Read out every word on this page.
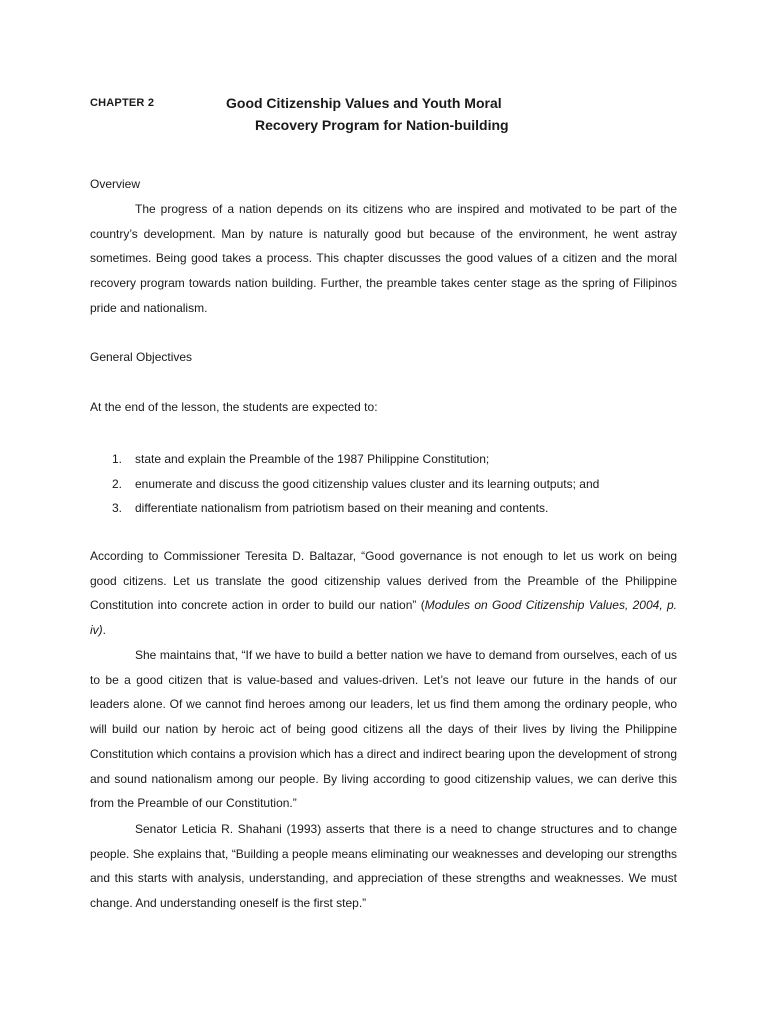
CHAPTER 2	Good Citizenship Values and Youth Moral
Recovery Program for Nation-building
Overview

The progress of a nation depends on its citizens who are inspired and motivated to be part of the country’s development. Man by nature is naturally good but because of the environment, he went astray sometimes. Being good takes a process. This chapter discusses the good values of a citizen and the moral recovery program towards nation building. Further, the preamble takes center stage as the spring of Filipinos pride and nationalism.

General Objectives
At the end of the lesson, the students are expected to:
1. state and explain the Preamble of the 1987 Philippine Constitution;
2. enumerate and discuss the good citizenship values cluster and its learning outputs; and
3. differentiate nationalism from patriotism based on their meaning and contents.

According to Commissioner Teresita D. Baltazar, “Good governance is not enough to let us work on being good citizens. Let us translate the good citizenship values derived from the Preamble of the Philippine Constitution into concrete action in order to build our nation” (Modules on Good Citizenship Values, 2004, p. iv).

She maintains that, “If we have to build a better nation we have to demand from ourselves, each of us to be a good citizen that is value-based and values-driven. Let’s not leave our future in the hands of our leaders alone. Of we cannot find heroes among our leaders, let us find them among the ordinary people, who will build our nation by heroic act of being good citizens all the days of their lives by living the Philippine Constitution which contains a provision which has a direct and indirect bearing upon the development of strong and sound nationalism among our people. By living according to good citizenship values, we can derive this from the Preamble of our Constitution.”

Senator Leticia R. Shahani (1993) asserts that there is a need to change structures and to change people. She explains that, “Building a people means eliminating our weaknesses and developing our strengths and this starts with analysis, understanding, and appreciation of these strengths and weaknesses. We must change. And understanding oneself is the first step.”
